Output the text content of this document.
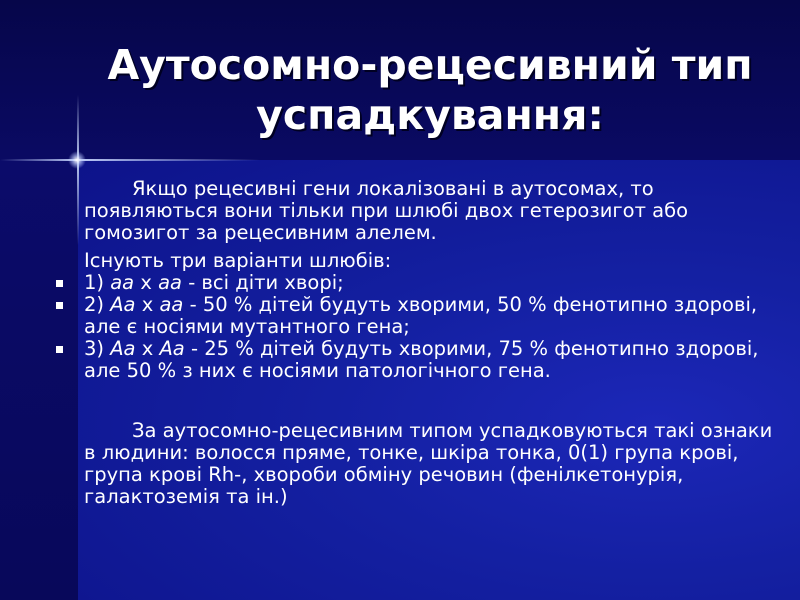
Аутосомно-рецесивний тип
успадкування:

Якщо рецесивні гени локалізовані в аутосомах, то появляються вони тільки при шлюбі двох гетерозигот або гомозигот за рецесивним алелем.

Існують три варіанти шлюбів:

1) аа х аа - всі діти хворі;
2) Аа х аа - 50 % дітей будуть хворими, 50 % фенотипно здорові, але є носіями мутантного гена;
3) Аа х Аа - 25 % дітей будуть хворими, 75 % фенотипно здорові, але 50 % з них є носіями патологічного гена.

За аутосомно-рецесивним типом успадковуються такі ознаки в людини: волосся пряме, тонке, шкіра тонка, 0(1) група крові, група крові Rh-, хвороби обміну речовин (фенілкетонурія, галактоземія та ін.)
